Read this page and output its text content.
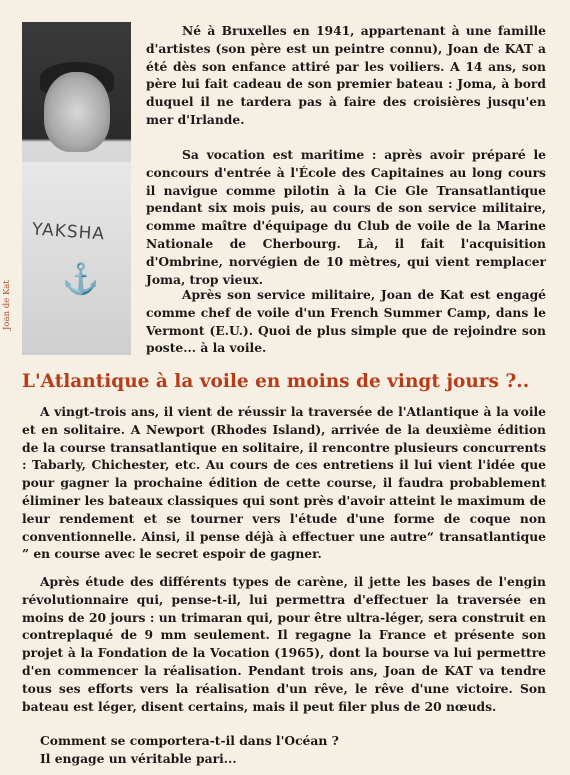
YAKSHA
⚓
Joan de Kat

Né à Bruxelles en 1941, appartenant à une famille d'artistes (son père est un peintre connu), Joan de KAT a été dès son enfance attiré par les voiliers. A 14 ans, son père lui fait cadeau de son premier bateau : Joma, à bord duquel il ne tardera pas à faire des croisières jusqu'en mer d'Irlande.

Sa vocation est maritime : après avoir préparé le concours d'entrée à l'École des Capitaines au long cours il navigue comme pilotin à la Cie Gle Transatlantique pendant six mois puis, au cours de son service militaire, comme maître d'équipage du Club de voile de la Marine Nationale de Cherbourg. Là, il fait l'acquisition d'Ombrine, norvégien de 10 mètres, qui vient remplacer Joma, trop vieux.

Après son service militaire, Joan de Kat est engagé comme chef de voile d'un French Summer Camp, dans le Vermont (E.U.). Quoi de plus simple que de rejoindre son poste... à la voile.

L'Atlantique à la voile en moins de vingt jours ?..

A vingt-trois ans, il vient de réussir la traversée de l'Atlantique à la voile et en solitaire. A Newport (Rhodes Island), arrivée de la deuxième édition de la course transatlantique en solitaire, il rencontre plusieurs concurrents : Tabarly, Chichester, etc. Au cours de ces entretiens il lui vient l'idée que pour gagner la prochaine édition de cette course, il faudra probablement éliminer les bateaux classiques qui sont près d'avoir atteint le maximum de leur rendement et se tourner vers l'étude d'une forme de coque non conventionnelle. Ainsi, il pense déjà à effectuer une autre“ transatlantique ” en course avec le secret espoir de gagner.

Après étude des différents types de carène, il jette les bases de l'engin révolutionnaire qui, pense-t-il, lui permettra d'effectuer la traversée en moins de 20 jours : un trimaran qui, pour être ultra-léger, sera construit en contreplaqué de 9 mm seulement. Il regagne la France et présente son projet à la Fondation de la Vocation (1965), dont la bourse va lui permettre d'en commencer la réalisation. Pendant trois ans, Joan de KAT va tendre tous ses efforts vers la réalisation d'un rêve, le rêve d'une victoire. Son bateau est léger, disent certains, mais il peut filer plus de 20 nœuds.

Comment se comportera-t-il dans l'Océan ?

Il engage un véritable pari...
